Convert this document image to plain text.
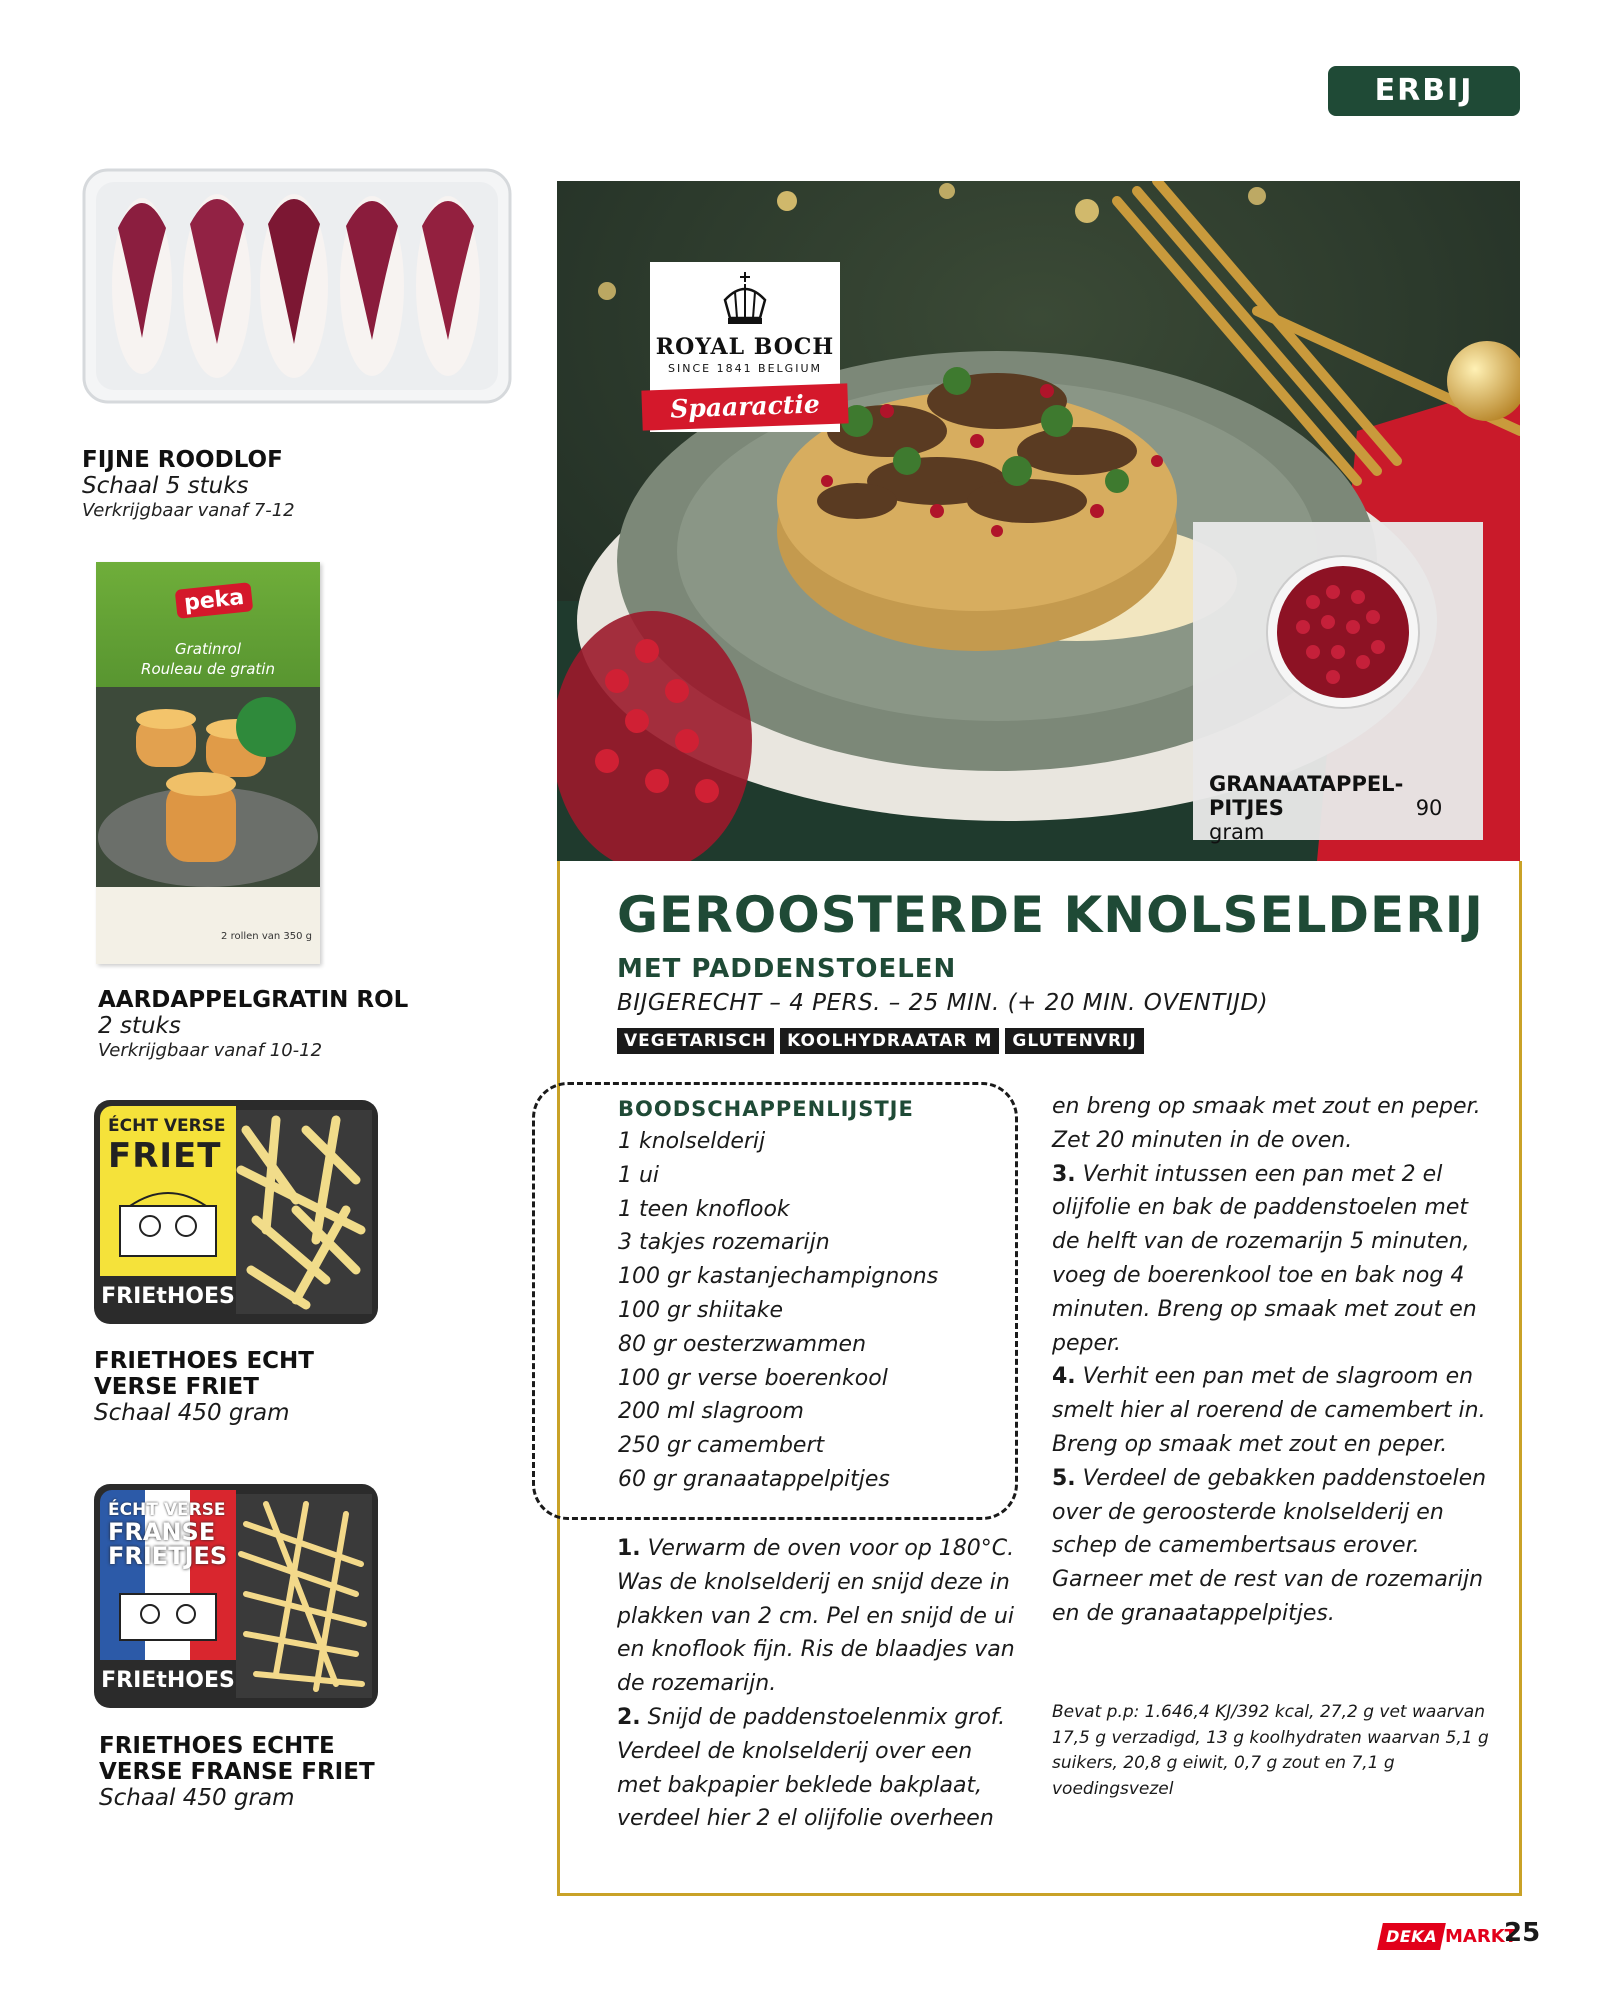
ERBIJ
FIJNE ROODLOF
Schaal 5 stuks
Verkrijgbaar vanaf 7-12
peka
Gratinrol
Rouleau de gratin
2 rollen van 350 g
AARDAPPELGRATIN ROL
2 stuks
Verkrijgbaar vanaf 10-12
ÉCHT VERSE
FRIET
FRIEtHOES
FRIETHOES ECHT VERSE FRIET
Schaal 450 gram
ÉCHT VERSE
FRANSE FRIETJES
FRIEtHOES
FRIETHOES ECHTE VERSE FRANSE FRIET
Schaal 450 gram
ROYAL BOCH
SINCE 1841 BELGIUM
Spaaractie
GRANAATAPPEL-PITJES	90 gram
GEROOSTERDE KNOLSELDERIJ
MET PADDENSTOELEN
BIJGERECHT – 4 PERS. – 25 MIN. (+ 20 MIN. OVENTIJD)
VEGETARISCH	KOOLHYDRAATAR M	GLUTENVRIJ
BOODSCHAPPENLIJSTJE
1 knolselderij
1 ui
1 teen knoflook
3 takjes rozemarijn
100 gr kastanjechampignons
100 gr shiitake
80 gr oesterzwammen
100 gr verse boerenkool
200 ml slagroom
250 gr camembert
60 gr granaatappelpitjes
1. Verwarm de oven voor op 180°C. Was de knolselderij en snijd deze in plakken van 2 cm. Pel en snijd de ui en knoflook fijn. Ris de blaadjes van de rozemarijn.
2. Snijd de paddenstoelenmix grof. Verdeel de knolselderij over een met bakpapier beklede bakplaat, verdeel hier 2 el olijfolie overheen
en breng op smaak met zout en peper. Zet 20 minuten in de oven.
3. Verhit intussen een pan met 2 el olijfolie en bak de paddenstoelen met de helft van de rozemarijn 5 minuten, voeg de boerenkool toe en bak nog 4 minuten. Breng op smaak met zout en peper.
4. Verhit een pan met de slagroom en smelt hier al roerend de camembert in. Breng op smaak met zout en peper.
5. Verdeel de gebakken paddenstoelen over de geroosterde knolselderij en schep de camembertsaus erover. Garneer met de rest van de rozemarijn en de granaatappelpitjes.
Bevat p.p: 1.646,4 KJ/392 kcal, 27,2 g vet waarvan 17,5 g verzadigd, 13 g koolhydraten waarvan 5,1 g suikers, 20,8 g eiwit, 0,7 g zout en 7,1 g voedingsvezel
DEKA MARKT
25
